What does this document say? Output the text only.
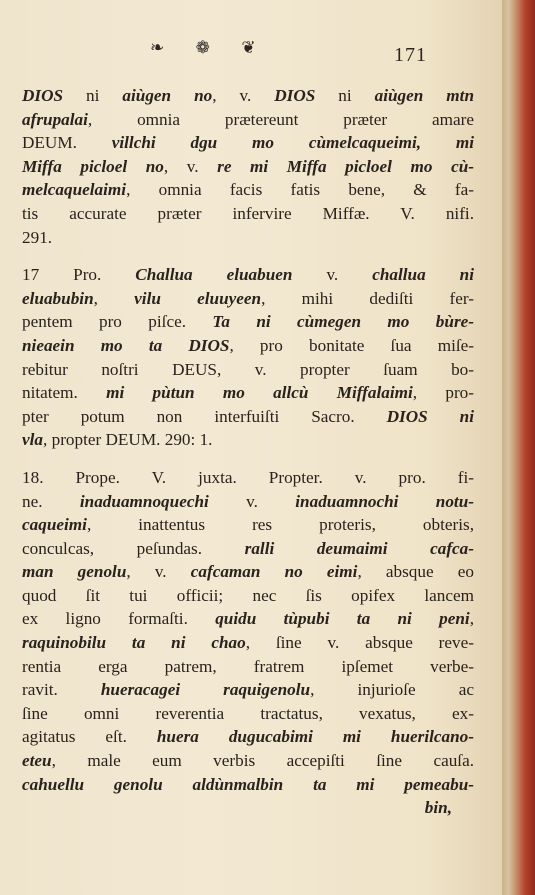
❧ ❁ ❦	171
DIOS ni aiùgen no, v. DIOS ni aiùgen mtn
afrupalai, omnia prætereunt præter amare
DEUM. villchi dgu mo cùmelcaqueimi, mi
Miffa picloel no, v. re mi Miffa picloel mo cù-
melcaquelaimi, omnia facis fatis bene, & fa-
tis accurate præter infervire Miffæ. V. nifi.
291.
17 Pro. Challua eluabuen v. challua ni
eluabubin, vilu eluuyeen, mihi dediſti fer-
pentem pro piſce. Ta ni cùmegen mo bùre-
nieaein mo ta DIOS, pro bonitate ſua miſe-
rebitur noſtri DEUS, v. propter ſuam bo-
nitatem. mi pùtun mo allcù Miffalaimi, pro-
pter potum non interfuiſti Sacro. DIOS ni
vla, propter DEUM. 290: 1.
18. Prope. V. juxta. Propter. v. pro. fi-
ne. inaduamnoquechi v. inaduamnochi notu-
caqueimi, inattentus res proteris, obteris,
conculcas, peſundas. ralli deumaimi cafca-
man genolu, v. cafcaman no eimi, absque eo
quod ſit tui officii; nec ſis opifex lancem
ex ligno formaſti. quidu tùpubi ta ni peni,
raquinobilu ta ni chao, ſine v. absque reve-
rentia erga patrem, fratrem ipſemet verbe-
ravit. hueracagei raquigenolu, injurioſe ac
ſine omni reverentia tractatus, vexatus, ex-
agitatus eſt. huera dugucabimi mi huerilcano-
eteu, male eum verbis accepiſti ſine cauſa.
cahuellu genolu aldùnmalbin ta mi pemeabu-
bin,
